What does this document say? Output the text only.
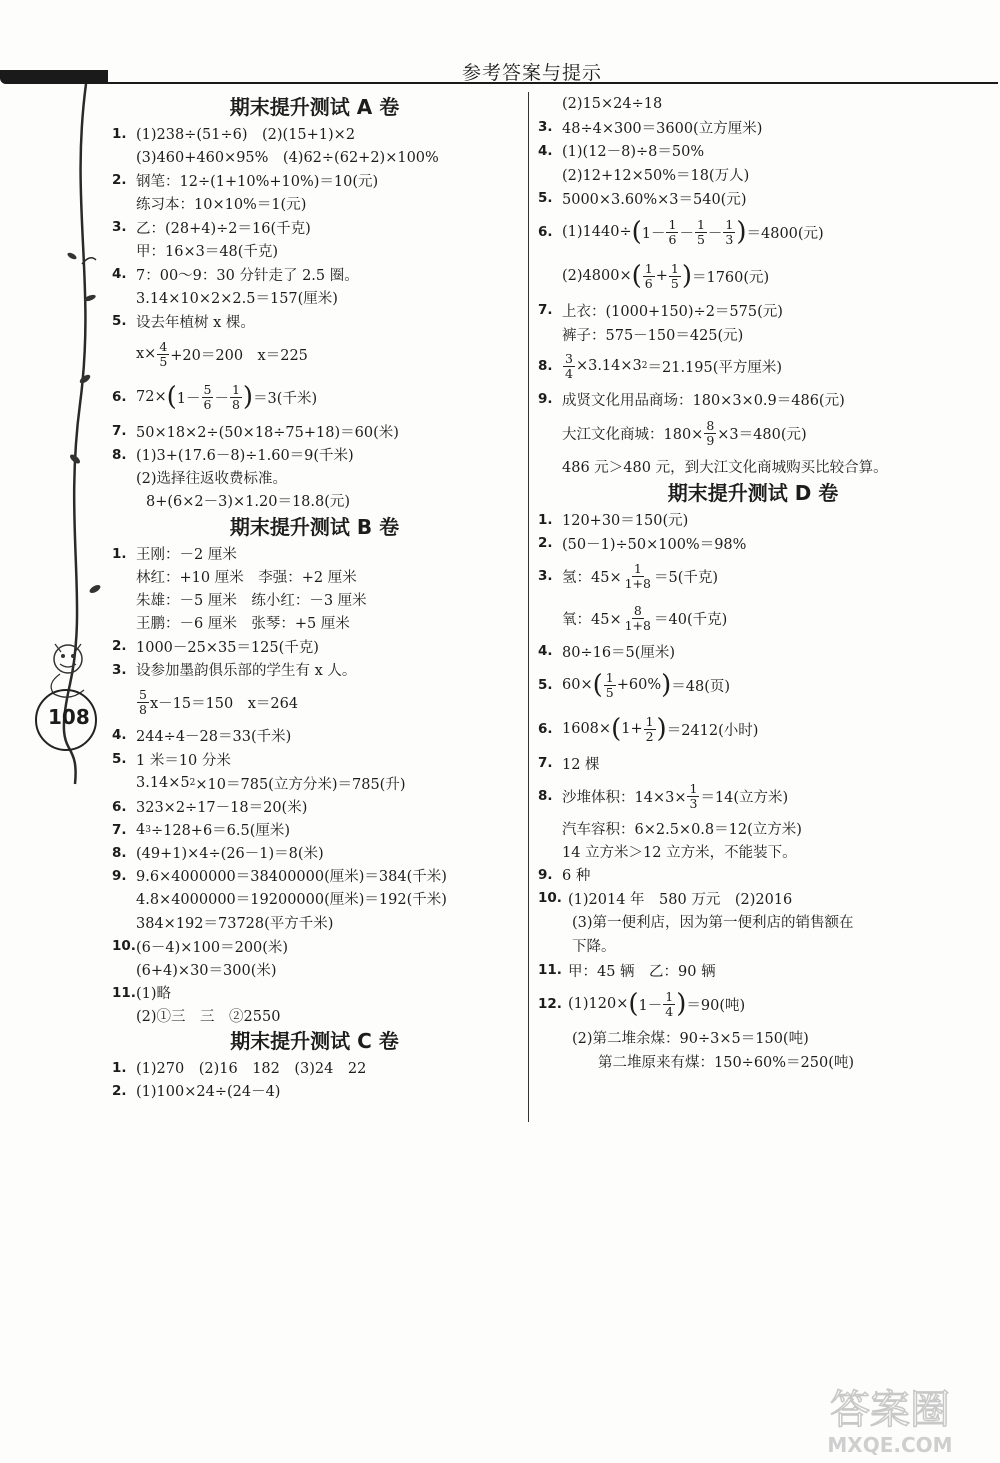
参考答案与提示
108
期末提升测试 A 卷
1. (1)238÷(51÷6)　(2)(15+1)×2
(3)460+460×95%　(4)62÷(62+2)×100%
2. 钢笔：12÷(1+10%+10%)＝10(元)
练习本：10×10%＝1(元)
3. 乙：(28+4)÷2＝16(千克)
甲：16×3＝48(千克)
4. 7：00～9：30 分针走了 2.5 圈。
3.14×10×2×2.5＝157(厘米)
5. 设去年植树 x 棵。
$x\times \frac{4}{5} +20=200$　x＝225
6. 72× ( $1- \frac{5}{6} - \frac{1}{8}$ ) ＝3(千米)
7. 50×18×2÷(50×18÷75+18)＝60(米)
8. (1)3+(17.6－8)÷1.60＝9(千米)
(2)选择往返收费标准。
8+(6×2－3)×1.20＝18.8(元)
期末提升测试 B 卷
1. 王刚：－2 厘米
林红：+10 厘米　李强：+2 厘米
朱雄：－5 厘米　练小红：－3 厘米
王鹏：－6 厘米　张琴：+5 厘米
2. 1000－25×35＝125(千克)
3. 设参加墨韵俱乐部的学生有 x 人。
$\frac{5}{8} x-15=150$　x＝264
4. 244÷4－28＝33(千米)
5. 1 米＝10 分米
3.14×5 2 ×10＝785(立方分米)＝785(升)
6. 323×2÷17－18＝20(米)
7. 4 3 ÷128+6＝6.5(厘米)
8. (49+1)×4÷(26－1)＝8(米)
9. 9.6×4000000＝38400000(厘米)＝384(千米)
4.8×4000000＝19200000(厘米)＝192(千米)
384×192＝73728(平方千米)
10. (6－4)×100＝200(米)
(6+4)×30＝300(米)
11. (1)略
(2)①三　三　②2550
期末提升测试 C 卷
1. (1)270　(2)16　182　(3)24　22
2. (1)100×24÷(24－4)
(2)15×24÷18
3. 48÷4×300＝3600(立方厘米)
4. (1)(12－8)÷8＝50%
(2)12+12×50%＝18(万人)
5. 5000×3.60%×3＝540(元)
6. (1)1440÷ ( $1- \frac{1}{6} - \frac{1}{5} - \frac{1}{3}$ ) ＝4800(元)
(2)4800× ( $\frac{1}{6} + \frac{1}{5}$ ) ＝1760(元)
7. 上衣：(1000+150)÷2＝575(元)
裤子：575－150＝425(元)
8. $\frac{3}{4} \times 3.14\times 3$ 2 ＝21.195(平方厘米)
9. 成贤文化用品商场：180×3×0.9＝486(元)
大江文化商城：$180\times \frac{8}{9} \times 3=480$(元)
486 元＞480 元，到大江文化商城购买比较合算。
期末提升测试 D 卷
1. 120+30＝150(元)
2. (50－1)÷50×100%＝98%
3. 氢：$45\times \frac{1}{1+8} =5$(千克)
氧：$45\times \frac{8}{1+8} =40$(千克)
4. 80÷16＝5(厘米)
5. 60× ( $\frac{1}{5} +60\%$ ) ＝48(页)
6. 1608× ( $1+ \frac{1}{2}$ ) ＝2412(小时)
7. 12 棵
8. 沙堆体积：$14\times 3\times \frac{1}{3} =14$(立方米)
汽车容积：6×2.5×0.8＝12(立方米)
14 立方米＞12 立方米，不能装下。
9. 6 种
10. (1)2014 年　580 万元　(2)2016
(3)第一便利店，因为第一便利店的销售额在
下降。
11. 甲：45 辆　乙：90 辆
12. (1)120× ( $1- \frac{1}{4}$ ) ＝90(吨)
(2)第二堆余煤：90÷3×5＝150(吨)
第二堆原来有煤：150÷60%＝250(吨)
答案圈
MXQE.COM
